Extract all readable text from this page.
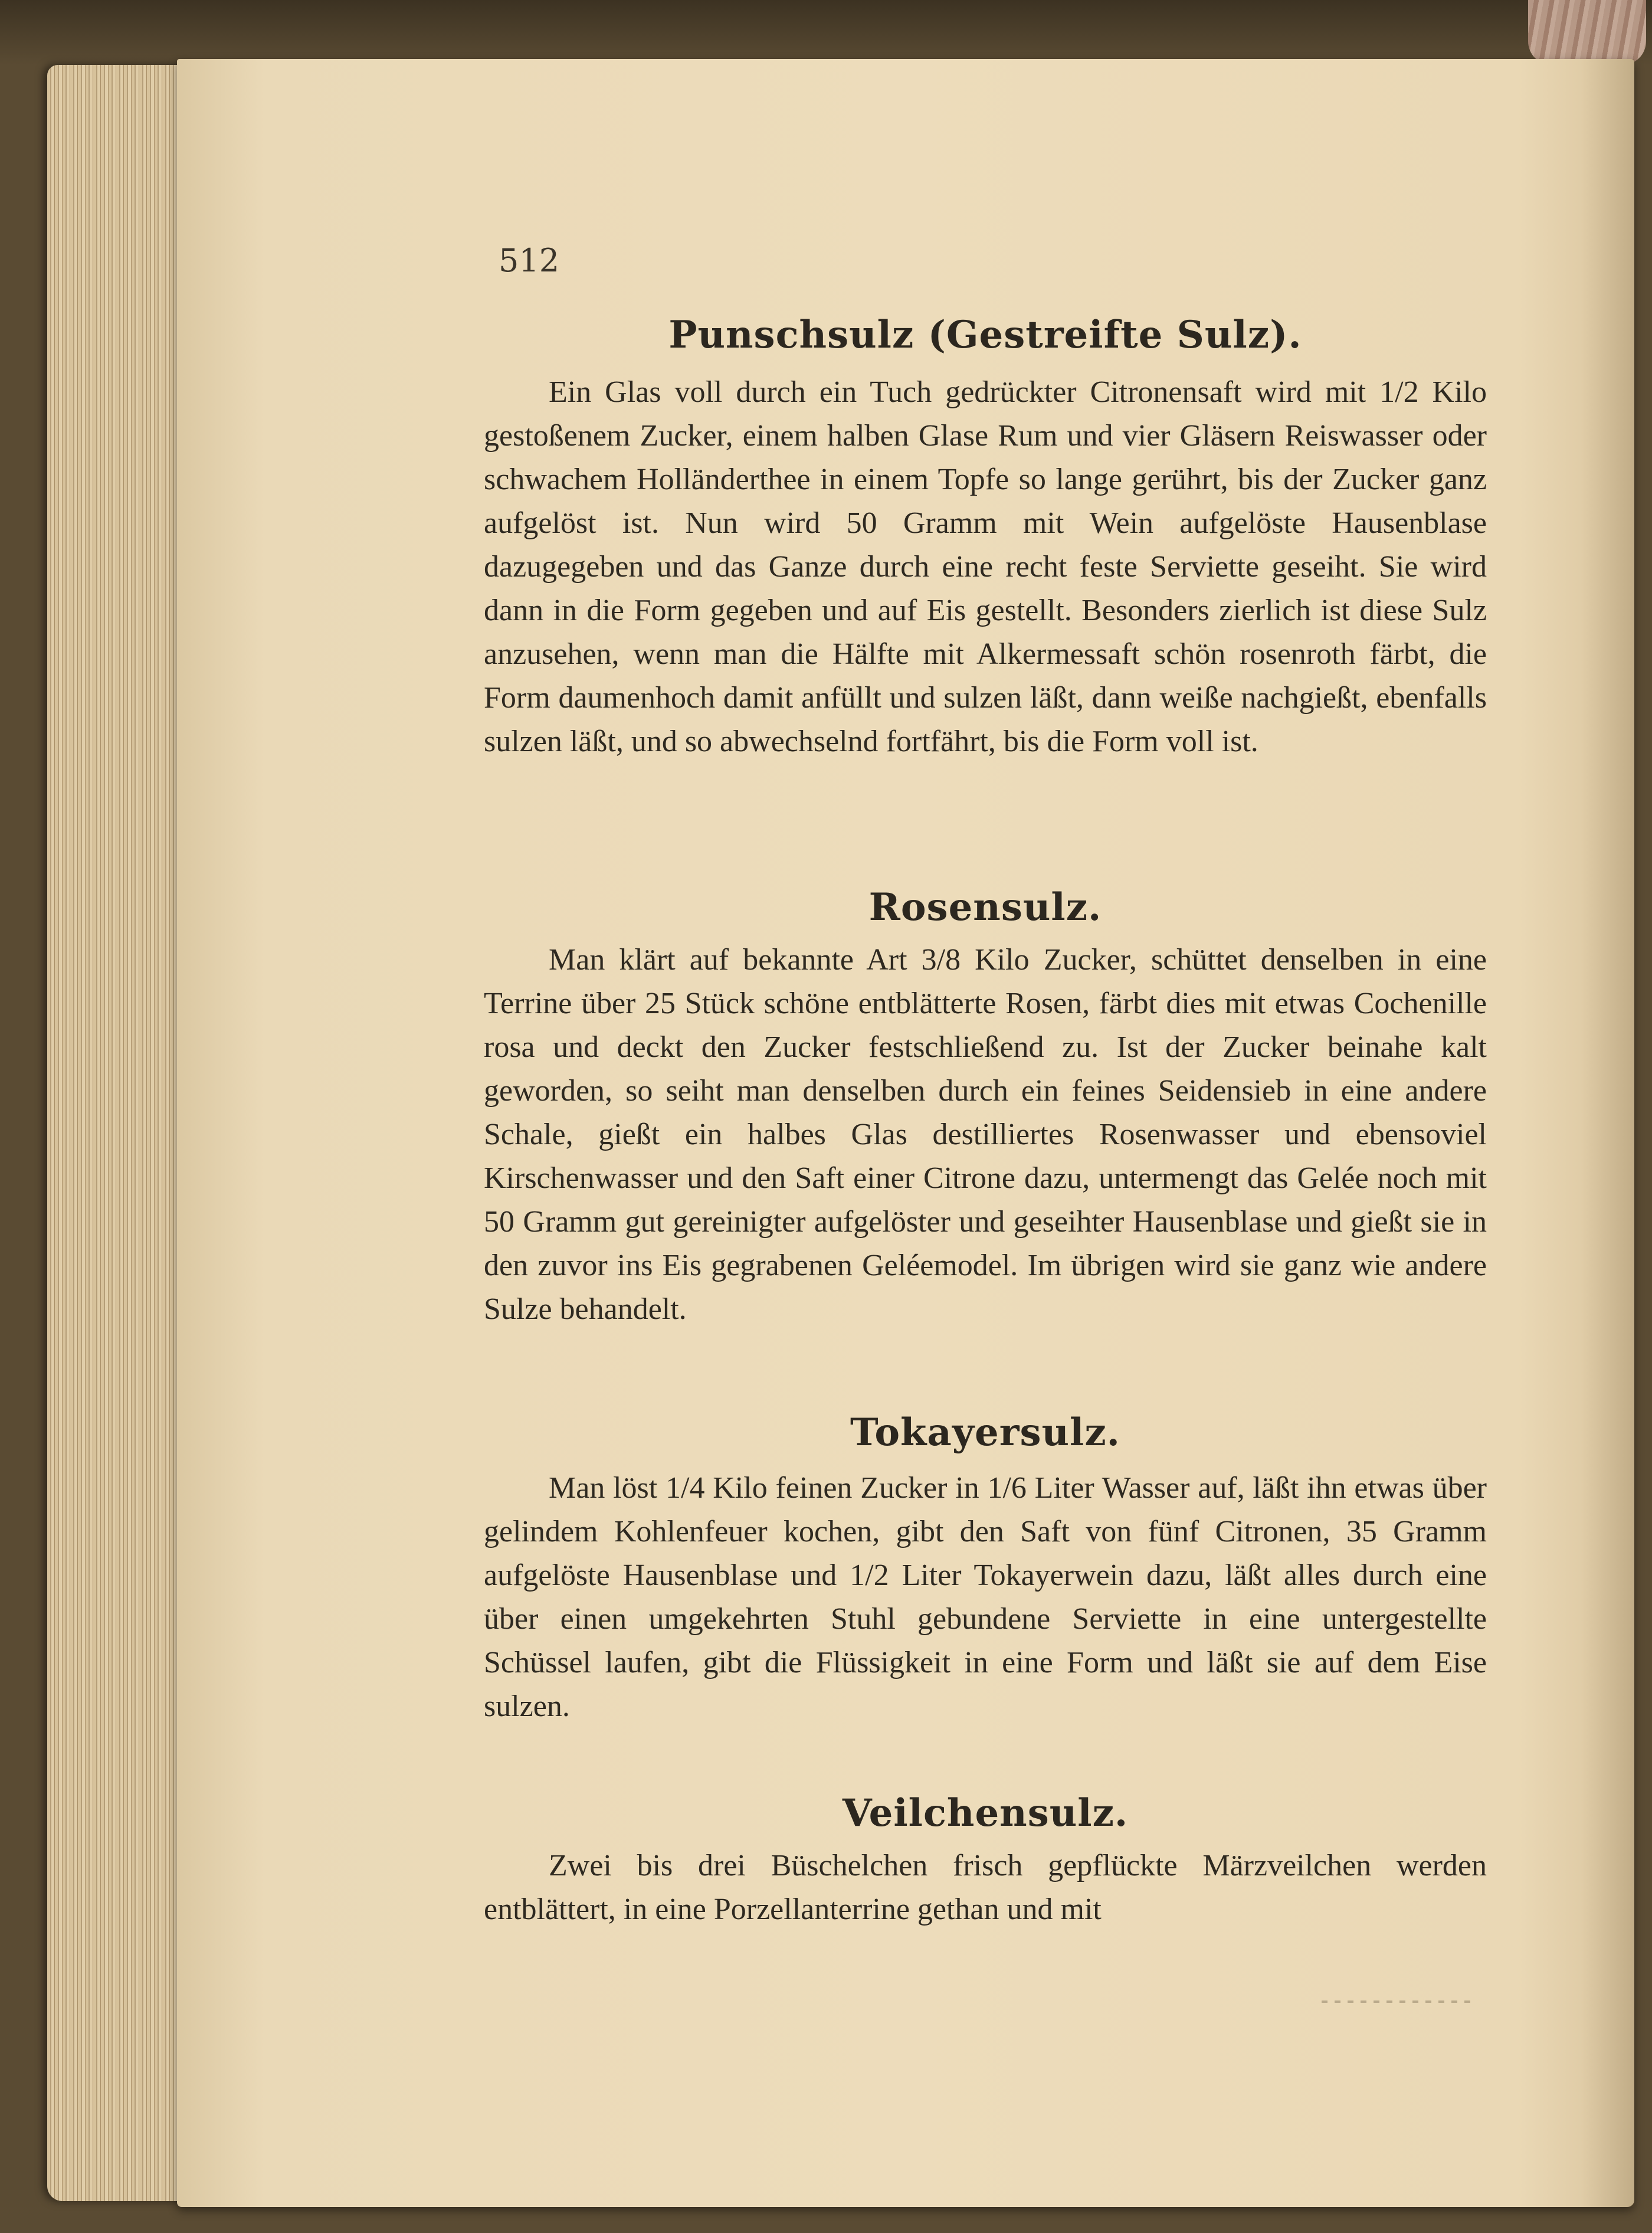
512
Punschsulz (Gestreifte Sulz).

Ein Glas voll durch ein Tuch gedrückter Citronensaft wird mit 1/2 Kilo gestoßenem Zucker, einem halben Glase Rum und vier Gläsern Reiswasser oder schwachem Holländerthee in einem Topfe so lange gerührt, bis der Zucker ganz aufgelöst ist. Nun wird 50 Gramm mit Wein aufgelöste Hausenblase dazugegeben und das Ganze durch eine recht feste Serviette geseiht. Sie wird dann in die Form gegeben und auf Eis gestellt. Besonders zierlich ist diese Sulz anzusehen, wenn man die Hälfte mit Alkermessaft schön rosenroth färbt, die Form daumenhoch damit anfüllt und sulzen läßt, dann weiße nachgießt, ebenfalls sulzen läßt, und so abwechselnd fortfährt, bis die Form voll ist.

Rosensulz.

Man klärt auf bekannte Art 3/8 Kilo Zucker, schüttet denselben in eine Terrine über 25 Stück schöne entblätterte Rosen, färbt dies mit etwas Cochenille rosa und deckt den Zucker festschließend zu. Ist der Zucker beinahe kalt geworden, so seiht man denselben durch ein feines Seidensieb in eine andere Schale, gießt ein halbes Glas destilliertes Rosenwasser und ebensoviel Kirschenwasser und den Saft einer Citrone dazu, untermengt das Gelée noch mit 50 Gramm gut gereinigter aufgelöster und geseihter Hausenblase und gießt sie in den zuvor ins Eis gegrabenen Geléemodel. Im übrigen wird sie ganz wie andere Sulze behandelt.

Tokayersulz.

Man löst 1/4 Kilo feinen Zucker in 1/6 Liter Wasser auf, läßt ihn etwas über gelindem Kohlenfeuer kochen, gibt den Saft von fünf Citronen, 35 Gramm aufgelöste Hausenblase und 1/2 Liter Tokayerwein dazu, läßt alles durch eine über einen umgekehrten Stuhl gebundene Serviette in eine untergestellte Schüssel laufen, gibt die Flüssigkeit in eine Form und läßt sie auf dem Eise sulzen.

Veilchensulz.

Zwei bis drei Büschelchen frisch gepflückte Märzveilchen werden entblättert, in eine Porzellanterrine gethan und mit
